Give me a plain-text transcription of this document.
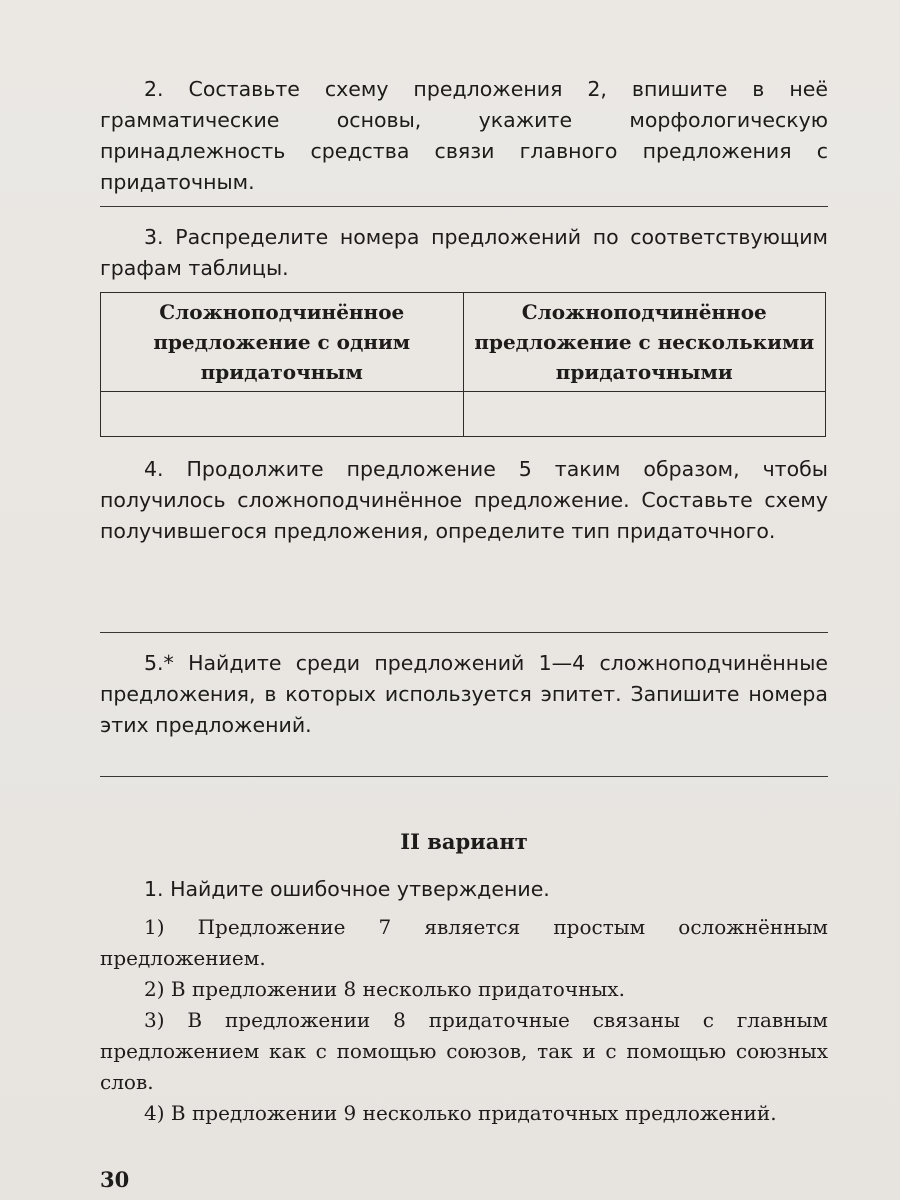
2. Составьте схему предложения 2, впишите в неё грамматические основы, укажите морфологическую принадлежность средства связи главного предложения с придаточным.

3. Распределите номера предложений по соответствующим графам таблицы.

Сложноподчинённое предложение с одним придаточным	Сложноподчинённое предложение с несколькими придаточными

4. Продолжите предложение 5 таким образом, чтобы получилось сложноподчинённое предложение. Составьте схему получившегося предложения, определите тип придаточного.

5.* Найдите среди предложений 1—4 сложноподчинённые предложения, в которых используется эпитет. Запишите номера этих предложений.

II вариант

1. Найдите ошибочное утверждение.

1) Предложение 7 является простым осложнённым предложением.

2) В предложении 8 несколько придаточных.

3) В предложении 8 придаточные связаны с главным предложением как с помощью союзов, так и с помощью союзных слов.

4) В предложении 9 несколько придаточных предложений.

30
